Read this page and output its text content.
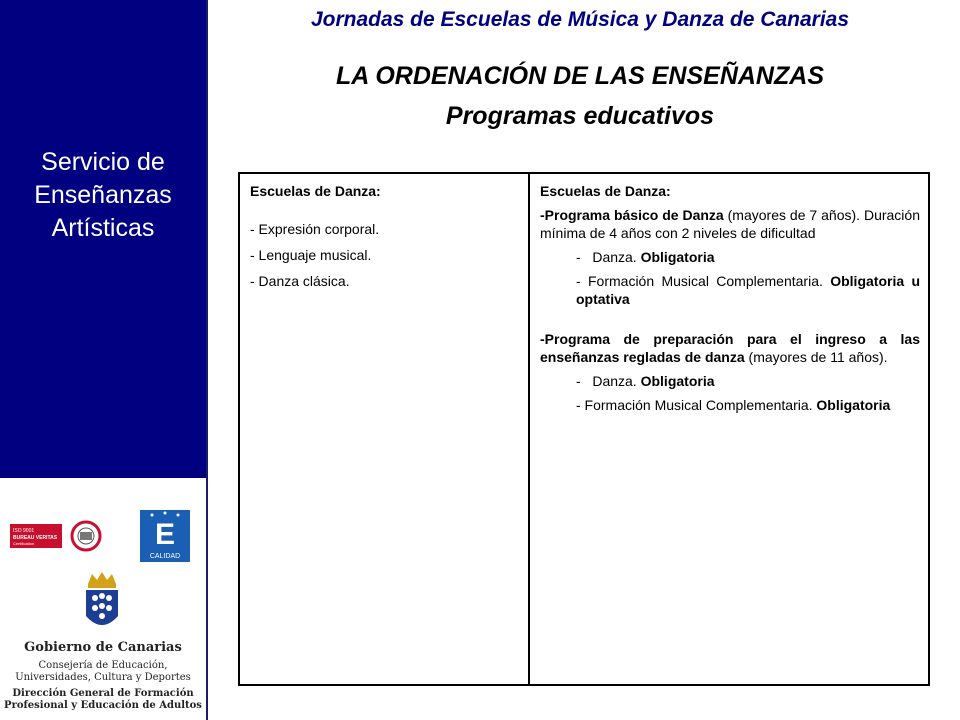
Servicio de
Enseñanzas
Artísticas
ISO 9001
BUREAU VERITAS
Certification	E
CALIDAD
Gobierno de Canarias
Consejería de Educación,
Universidades, Cultura y Deportes
Dirección General de Formación
Profesional y Educación de Adultos
Jornadas de Escuelas de Música y Danza de Canarias
LA ORDENACIÓN DE LAS ENSEÑANZAS
Programas educativos

Escuelas de Danza:

- Expresión corporal.

- Lenguaje musical.

- Danza clásica.

Escuelas de Danza:

-Programa básico de Danza (mayores de 7 años). Duración mínima de 4 años con 2 niveles de dificultad

-   Danza. Obligatoria

- Formación Musical Complementaria. Obligatoria u optativa

-Programa de preparación para el ingreso a las enseñanzas regladas de danza (mayores de 11 años).

-   Danza. Obligatoria

- Formación Musical Complementaria. Obligatoria
